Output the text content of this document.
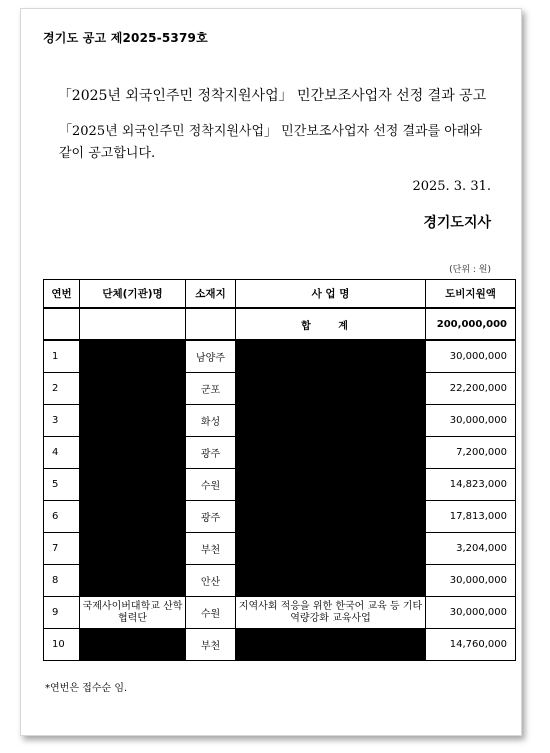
경기도 공고 제2025-5379호
「2025년 외국인주민 정착지원사업」 민간보조사업자 선정 결과 공고
「2025년 외국인주민 정착지원사업」 민간보조사업자 선정 결과를 아래와
같이 공고합니다.
2025. 3. 31.
경기도지사
(단위 : 원)
연번	단체(기관)명	소재지	사 업 명	도비지원액
			합 계	200,000,000
1		남양주		30,000,000
2		군포		22,200,000
3		화성		30,000,000
4		광주		7,200,000
5		수원		14,823,000
6		광주		17,813,000
7		부천		3,204,000
8		안산		30,000,000
9	국제사이버대학교 산학협력단	수원	지역사회 적응을 위한 한국어 교육 등 기타 역량강화 교육사업	30,000,000
10		부천		14,760,000
*연번은 접수순 임.
